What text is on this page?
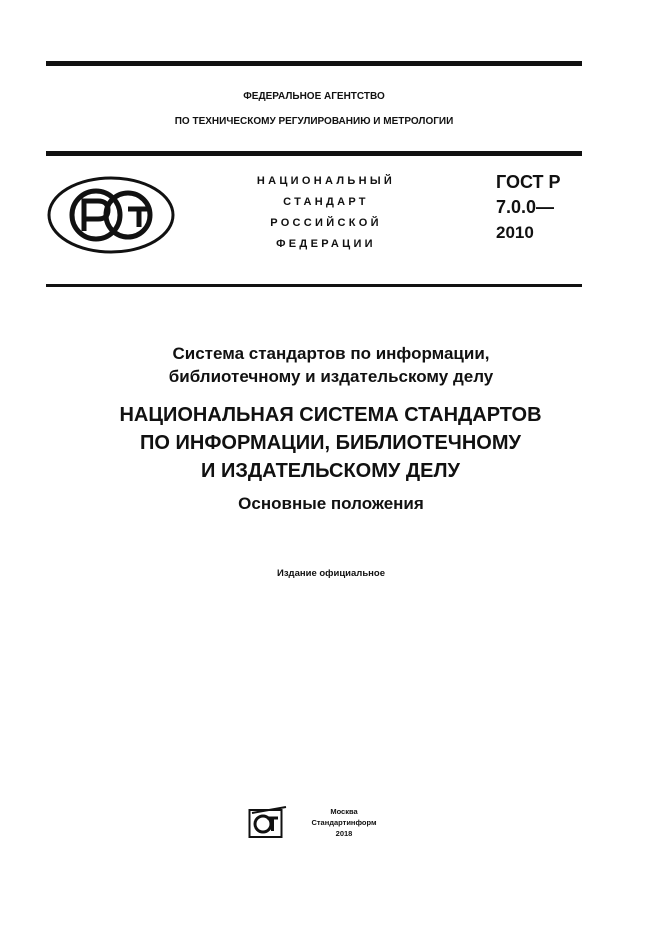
ФЕДЕРАЛЬНОЕ АГЕНТСТВО
ПО ТЕХНИЧЕСКОМУ РЕГУЛИРОВАНИЮ И МЕТРОЛОГИИ
НАЦИОНАЛЬНЫЙ
СТАНДАРТ
РОССИЙСКОЙ
ФЕДЕРАЦИИ
ГОСТ Р
7.0.0—
2010
Система стандартов по информации,
библиотечному и издательскому делу
НАЦИОНАЛЬНАЯ СИСТЕМА СТАНДАРТОВ
ПО ИНФОРМАЦИИ, БИБЛИОТЕЧНОМУ
И ИЗДАТЕЛЬСКОМУ ДЕЛУ
Основные положения
Издание официальное
Москва
Стандартинформ
2018
